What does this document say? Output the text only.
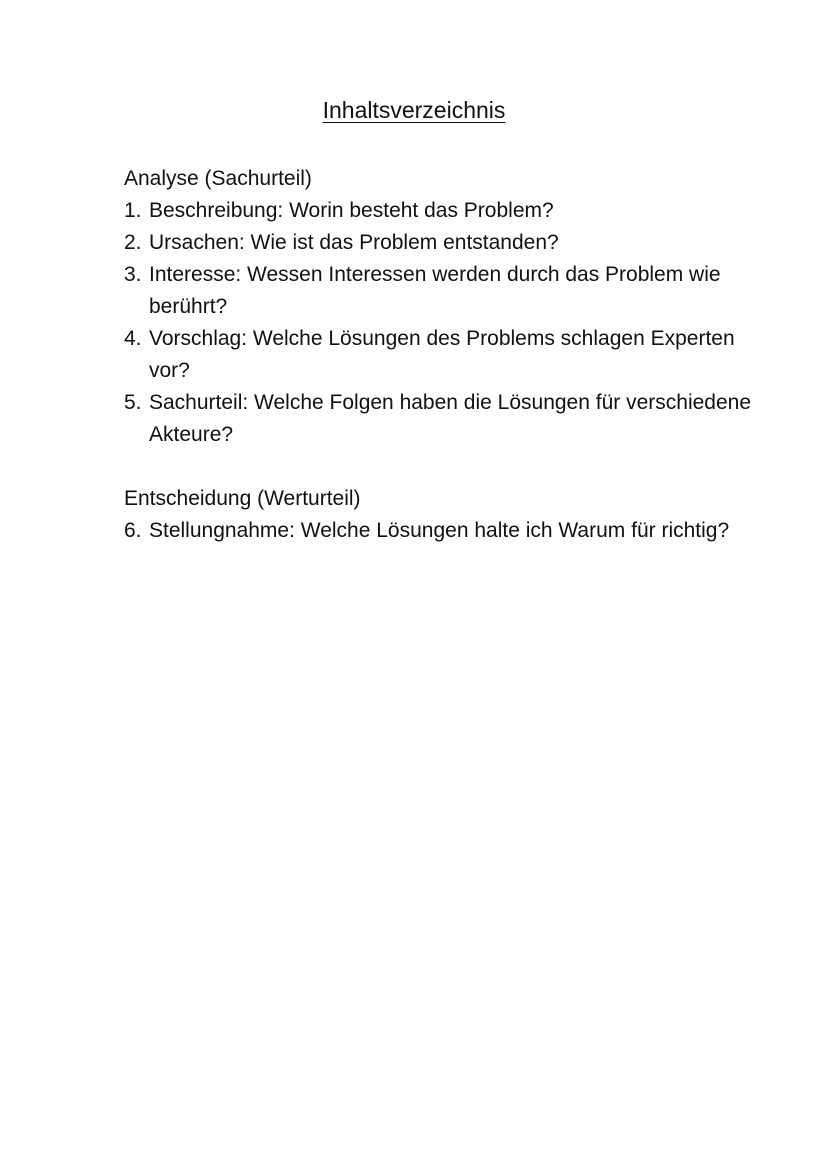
Inhaltsverzeichnis

Analyse (Sachurteil)

1. Beschreibung: Worin besteht das Problem?
2. Ursachen: Wie ist das Problem entstanden?
3. Interesse: Wessen Interessen werden durch das Problem wie berührt?
4. Vorschlag: Welche Lösungen des Problems schlagen Experten vor?
5. Sachurteil: Welche Folgen haben die Lösungen für verschiedene Akteure?

Entscheidung (Werturteil)

6. Stellungnahme: Welche Lösungen halte ich Warum für richtig?
